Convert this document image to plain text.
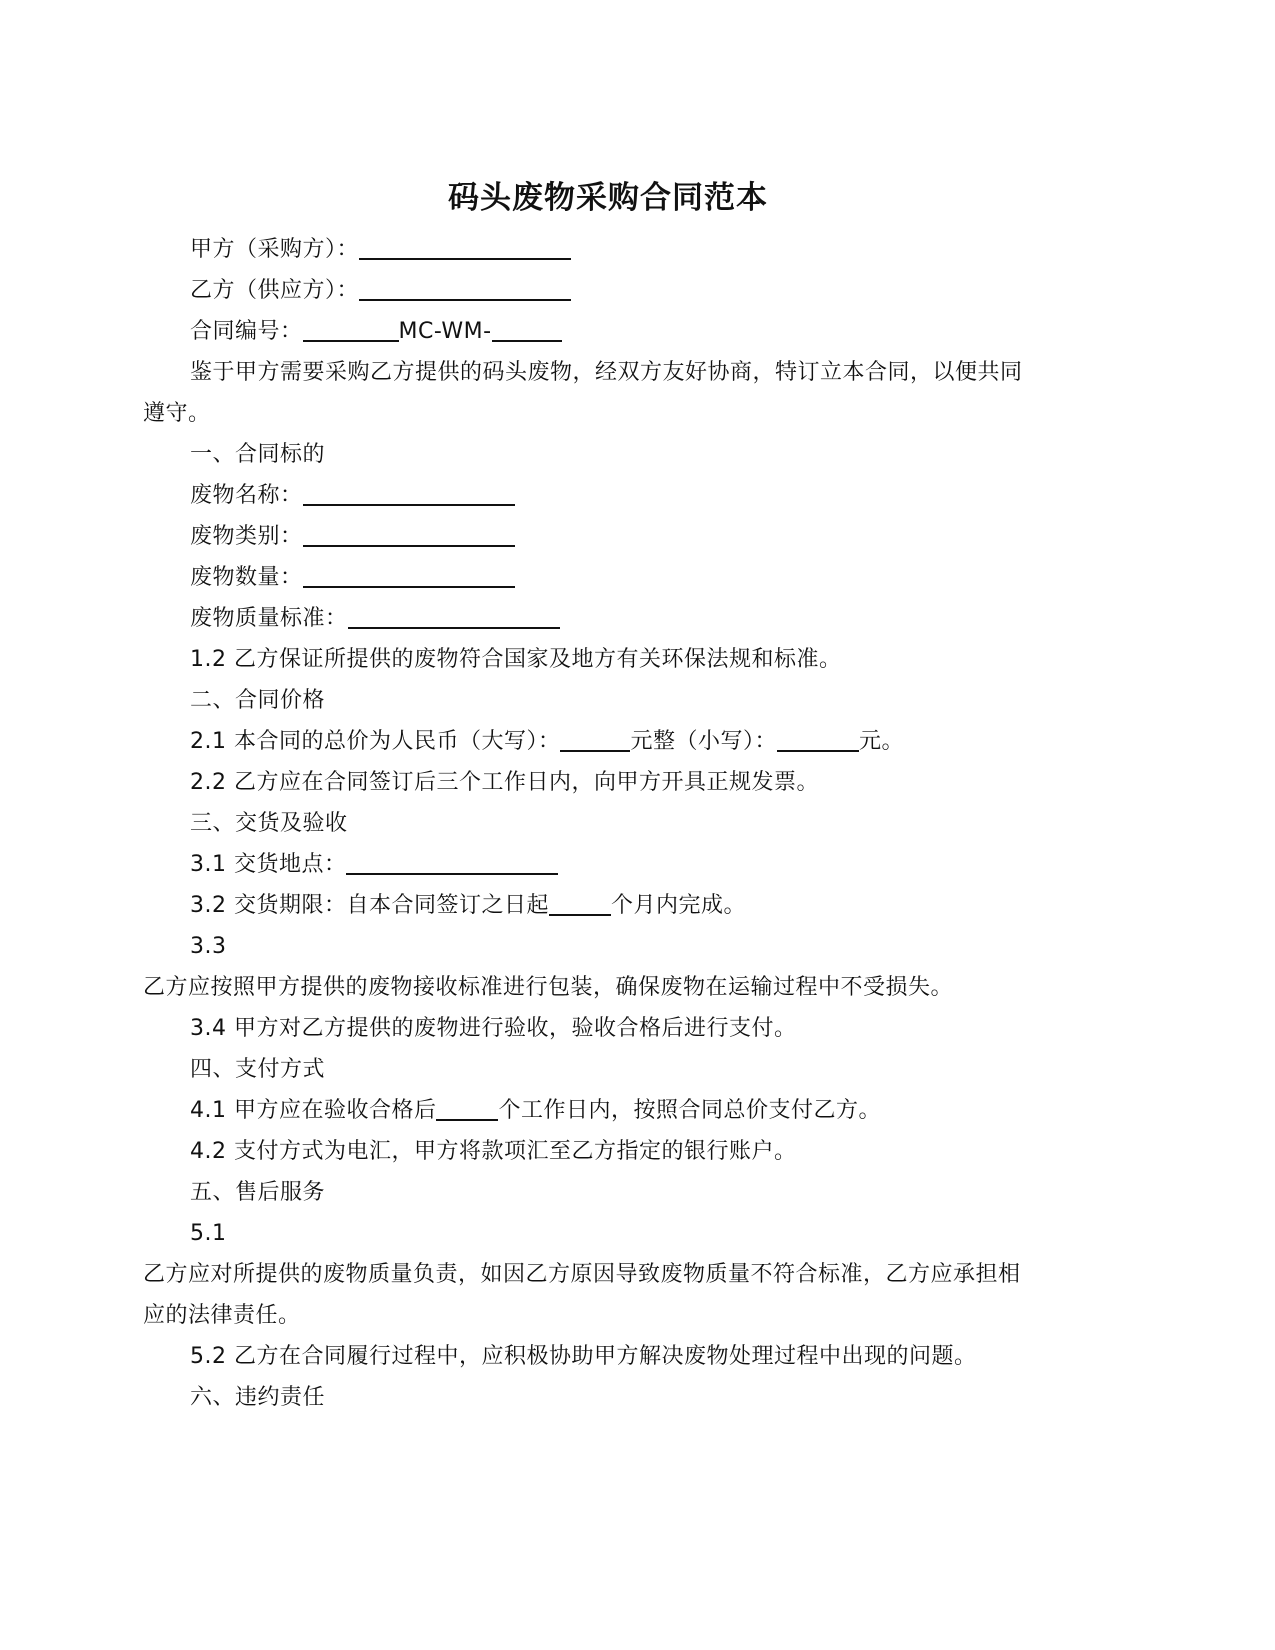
码头废物采购合同范本
甲方（采购方）：
乙方（供应方）：
合同编号：	MC-WM-
鉴于甲方需要采购乙方提供的码头废物，经双方友好协商，特订立本合同，以便共同
遵守。
一、合同标的
废物名称：
废物类别：
废物数量：
废物质量标准：
1.2 乙方保证所提供的废物符合国家及地方有关环保法规和标准。
二、合同价格
2.1 本合同的总价为人民币（大写）：	元整（小写）：	元。
2.2 乙方应在合同签订后三个工作日内，向甲方开具正规发票。
三、交货及验收
3.1 交货地点：
3.2 交货期限：自本合同签订之日起	个月内完成。
3.3
乙方应按照甲方提供的废物接收标准进行包装，确保废物在运输过程中不受损失。
3.4 甲方对乙方提供的废物进行验收，验收合格后进行支付。
四、支付方式
4.1 甲方应在验收合格后	个工作日内，按照合同总价支付乙方。
4.2 支付方式为电汇，甲方将款项汇至乙方指定的银行账户。
五、售后服务
5.1
乙方应对所提供的废物质量负责，如因乙方原因导致废物质量不符合标准，乙方应承担相
应的法律责任。
5.2 乙方在合同履行过程中，应积极协助甲方解决废物处理过程中出现的问题。
六、违约责任
